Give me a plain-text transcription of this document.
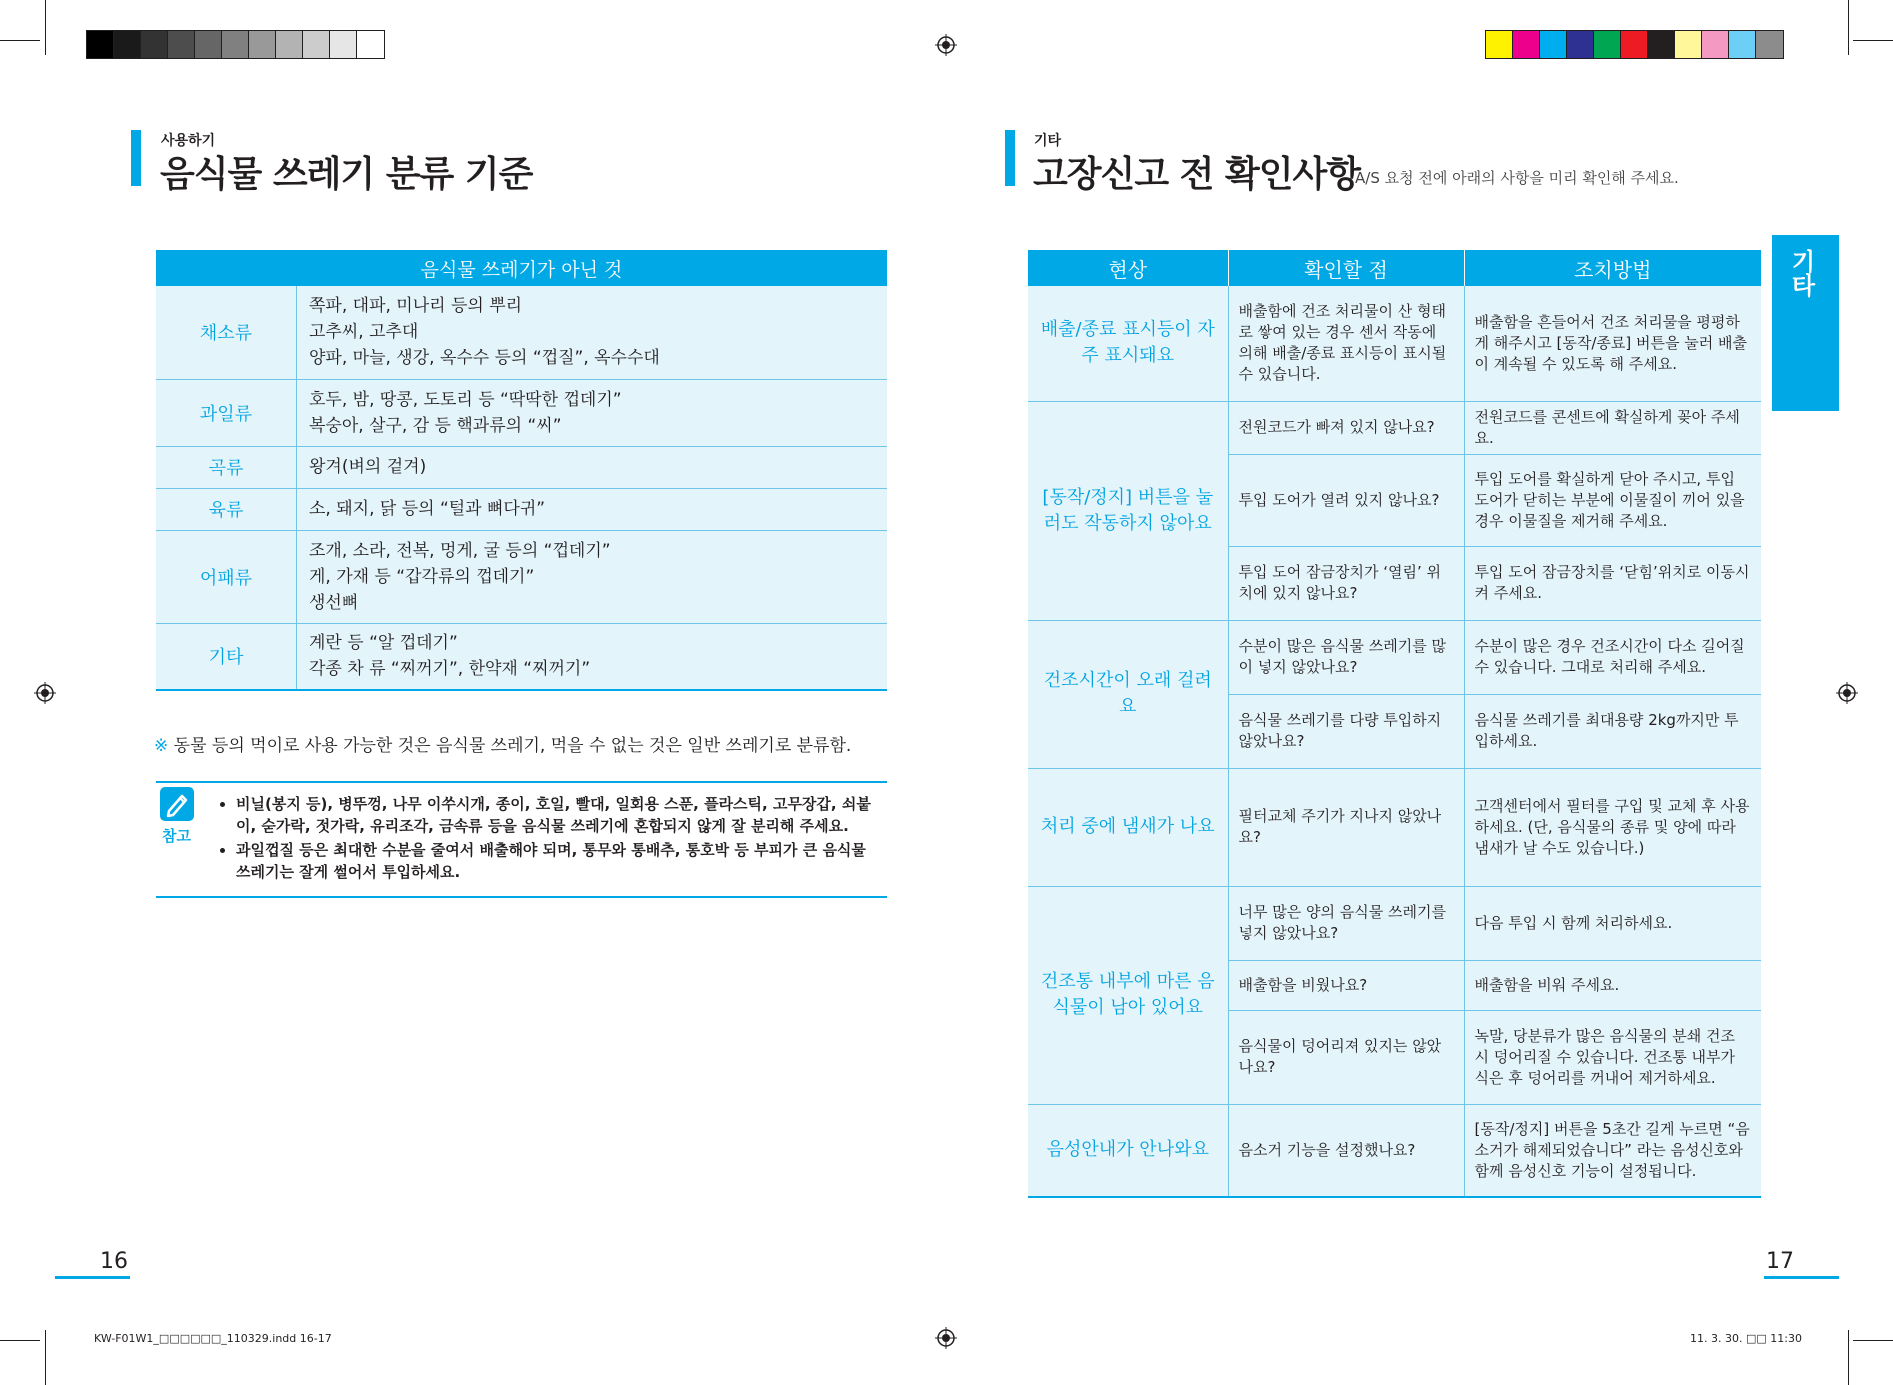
사용하기
음식물 쓰레기 분류 기준
음식물 쓰레기가 아닌 것	
채소류	쪽파, 대파, 미나리 등의 뿌리
고추씨, 고추대
양파, 마늘, 생강, 옥수수 등의 “껍질”, 옥수수대

과일류	호두, 밤, 땅콩, 도토리 등 “딱딱한 껍데기”
복숭아, 살구, 감 등 핵과류의 “씨”

곡류	왕겨(벼의 겉겨)

육류	소, 돼지, 닭 등의 “털과 뼈다귀”

어패류	조개, 소라, 전복, 멍게, 굴 등의 “껍데기”
게, 가재 등 “갑각류의 껍데기”
생선뼈

기타	계란 등 “알 껍데기”
각종 차 류 “찌꺼기”, 한약재 “찌꺼기”
※ 동물 등의 먹이로 사용 가능한 것은 음식물 쓰레기, 먹을 수 없는 것은 일반 쓰레기로 분류함.
참고
• 비닐(봉지 등), 병뚜껑, 나무 이쑤시개, 종이, 호일, 빨대, 일회용 스푼, 플라스틱, 고무장갑, 쇠붙이, 숟가락, 젓가락, 유리조각, 금속류 등을 음식물 쓰레기에 혼합되지 않게 잘 분리해 주세요.
• 과일껍질 등은 최대한 수분을 줄여서 배출해야 되며, 통무와 통배추, 통호박 등 부피가 큰 음식물 쓰레기는 잘게 썰어서 투입하세요.
16
KW-F01W1_□□□□□□_110329.indd 16-17
기타
고장신고 전 확인사항
A/S 요청 전에 아래의 사항을 미리 확인해 주세요.
기타
현상	확인할 점	조치방법
배출/종료 표시등이 자주 표시돼요	배출함에 건조 처리물이 산 형태로 쌓여 있는 경우 센서 작동에 의해 배출/종료 표시등이 표시될 수 있습니다.	배출함을 흔들어서 건조 처리물을 평평하게 해주시고 [동작/종료] 버튼을 눌러 배출이 계속될 수 있도록 해 주세요.
[동작/정지] 버튼을 눌러도 작동하지 않아요	전원코드가 빠져 있지 않나요?	전원코드를 콘센트에 확실하게 꽂아 주세요.
	투입 도어가 열려 있지 않나요?	투입 도어를 확실하게 닫아 주시고, 투입 도어가 닫히는 부분에 이물질이 끼어 있을 경우 이물질을 제거해 주세요.
	투입 도어 잠금장치가 ‘열림’ 위치에 있지 않나요?	투입 도어 잠금장치를 ‘닫힘’위치로 이동시켜 주세요.
건조시간이 오래 걸려요	수분이 많은 음식물 쓰레기를 많이 넣지 않았나요?	수분이 많은 경우 건조시간이 다소 길어질 수 있습니다. 그대로 처리해 주세요.
	음식물 쓰레기를 다량 투입하지 않았나요?	음식물 쓰레기를 최대용량 2kg까지만 투입하세요.
처리 중에 냄새가 나요	필터교체 주기가 지나지 않았나요?	고객센터에서 필터를 구입 및 교체 후 사용하세요. (단, 음식물의 종류 및 양에 따라 냄새가 날 수도 있습니다.)
건조통 내부에 마른 음식물이 남아 있어요	너무 많은 양의 음식물 쓰레기를 넣지 않았나요?	다음 투입 시 함께 처리하세요.
	배출함을 비웠나요?	배출함을 비워 주세요.
	음식물이 덩어리져 있지는 않았나요?	녹말, 당분류가 많은 음식물의 분쇄 건조 시 덩어리질 수 있습니다. 건조통 내부가 식은 후 덩어리를 꺼내어 제거하세요.
음성안내가 안나와요	음소거 기능을 설정했나요?	[동작/정지] 버튼을 5초간 길게 누르면 “음소거가 해제되었습니다” 라는 음성신호와 함께 음성신호 기능이 설정됩니다.
17
11. 3. 30. □□ 11:30
